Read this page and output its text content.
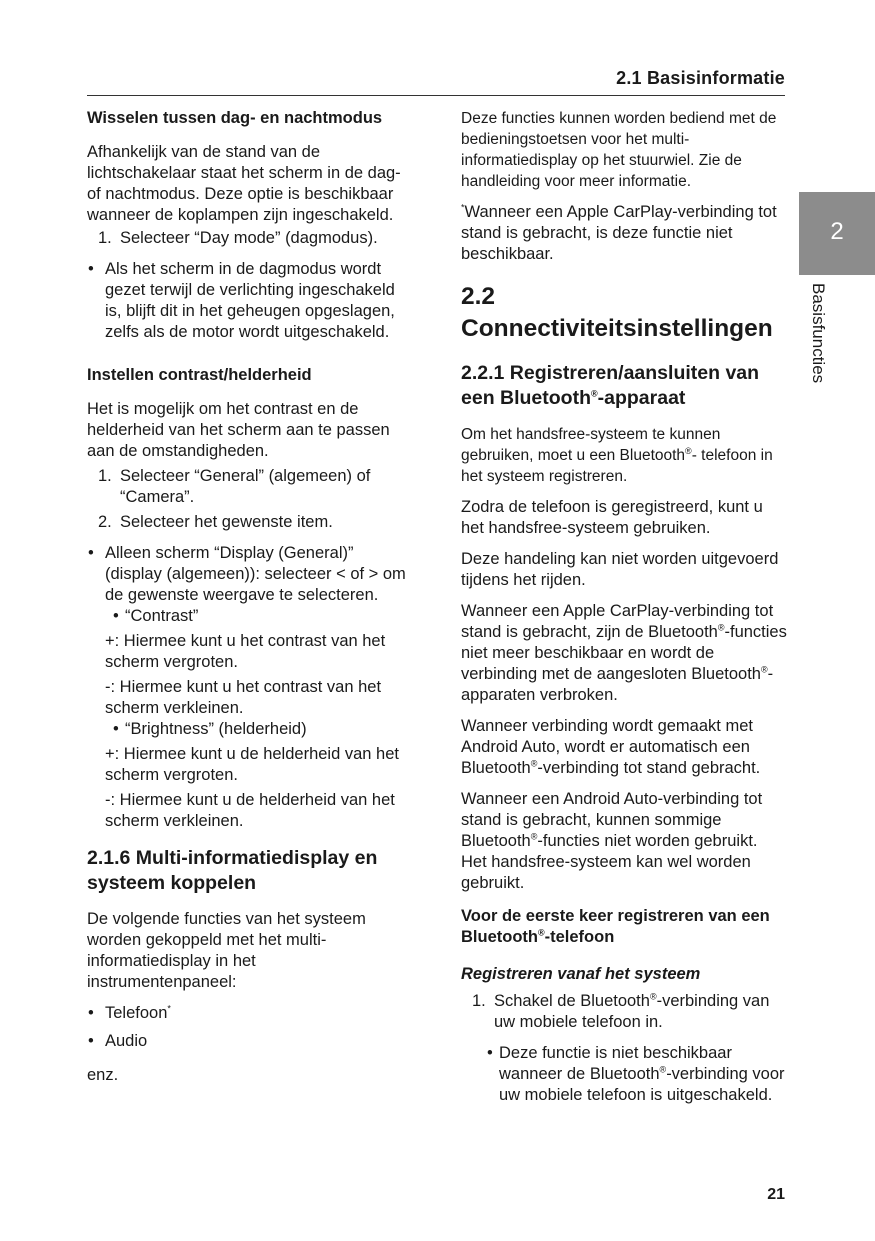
2.1 Basisinformatie
2
Basisfuncties
Wisselen tussen dag- en nachtmodus

Afhankelijk van de stand van de lichtschakelaar staat het scherm in de dag- of nachtmodus. Deze optie is beschikbaar wanneer de koplampen zijn ingeschakeld.

1. Selecteer “Day mode” (dagmodus).
• Als het scherm in de dagmodus wordt gezet terwijl de verlichting ingeschakeld is, blijft dit in het geheugen opgeslagen, zelfs als de motor wordt uitgeschakeld.
Instellen contrast/helderheid

Het is mogelijk om het contrast en de helderheid van het scherm aan te passen aan de omstandigheden.

1. Selecteer “General” (algemeen) of “Camera”.
2. Selecteer het gewenste item.
• Alleen scherm “Display (General)” (display (algemeen)): selecteer < of > om de gewenste weergave te selecteren.
• “Contrast”

+: Hiermee kunt u het contrast van het scherm vergroten.

-: Hiermee kunt u het contrast van het scherm verkleinen.

• “Brightness” (helderheid)

+: Hiermee kunt u de helderheid van het scherm vergroten.

-: Hiermee kunt u de helderheid van het scherm verkleinen.

2.1.6 Multi-informatiedisplay en systeem koppelen

De volgende functies van het systeem worden gekoppeld met het multi-informatiedisplay in het instrumentenpaneel:

• Telefoon*
• Audio

enz.

Deze functies kunnen worden bediend met de bedieningstoetsen voor het multi-informatiedisplay op het stuurwiel. Zie de handleiding voor meer informatie.

*Wanneer een Apple CarPlay-verbinding tot stand is gebracht, is deze functie niet beschikbaar.

2.2
Connectiviteitsinstellingen
2.2.1 Registreren/aansluiten van een Bluetooth®-apparaat

Om het handsfree-systeem te kunnen gebruiken, moet u een Bluetooth®- telefoon in het systeem registreren.

Zodra de telefoon is geregistreerd, kunt u het handsfree-systeem gebruiken.

Deze handeling kan niet worden uitgevoerd tijdens het rijden.

Wanneer een Apple CarPlay-verbinding tot stand is gebracht, zijn de Bluetooth®-functies niet meer beschikbaar en wordt de verbinding met de aangesloten Bluetooth®-apparaten verbroken.

Wanneer verbinding wordt gemaakt met Android Auto, wordt er automatisch een Bluetooth®-verbinding tot stand gebracht.

Wanneer een Android Auto-verbinding tot stand is gebracht, kunnen sommige Bluetooth®-functies niet worden gebruikt. Het handsfree-systeem kan wel worden gebruikt.

Voor de eerste keer registreren van een Bluetooth®-telefoon
Registreren vanaf het systeem
1. Schakel de Bluetooth®-verbinding van uw mobiele telefoon in.
• Deze functie is niet beschikbaar wanneer de Bluetooth®-verbinding voor uw mobiele telefoon is uitgeschakeld.
21
